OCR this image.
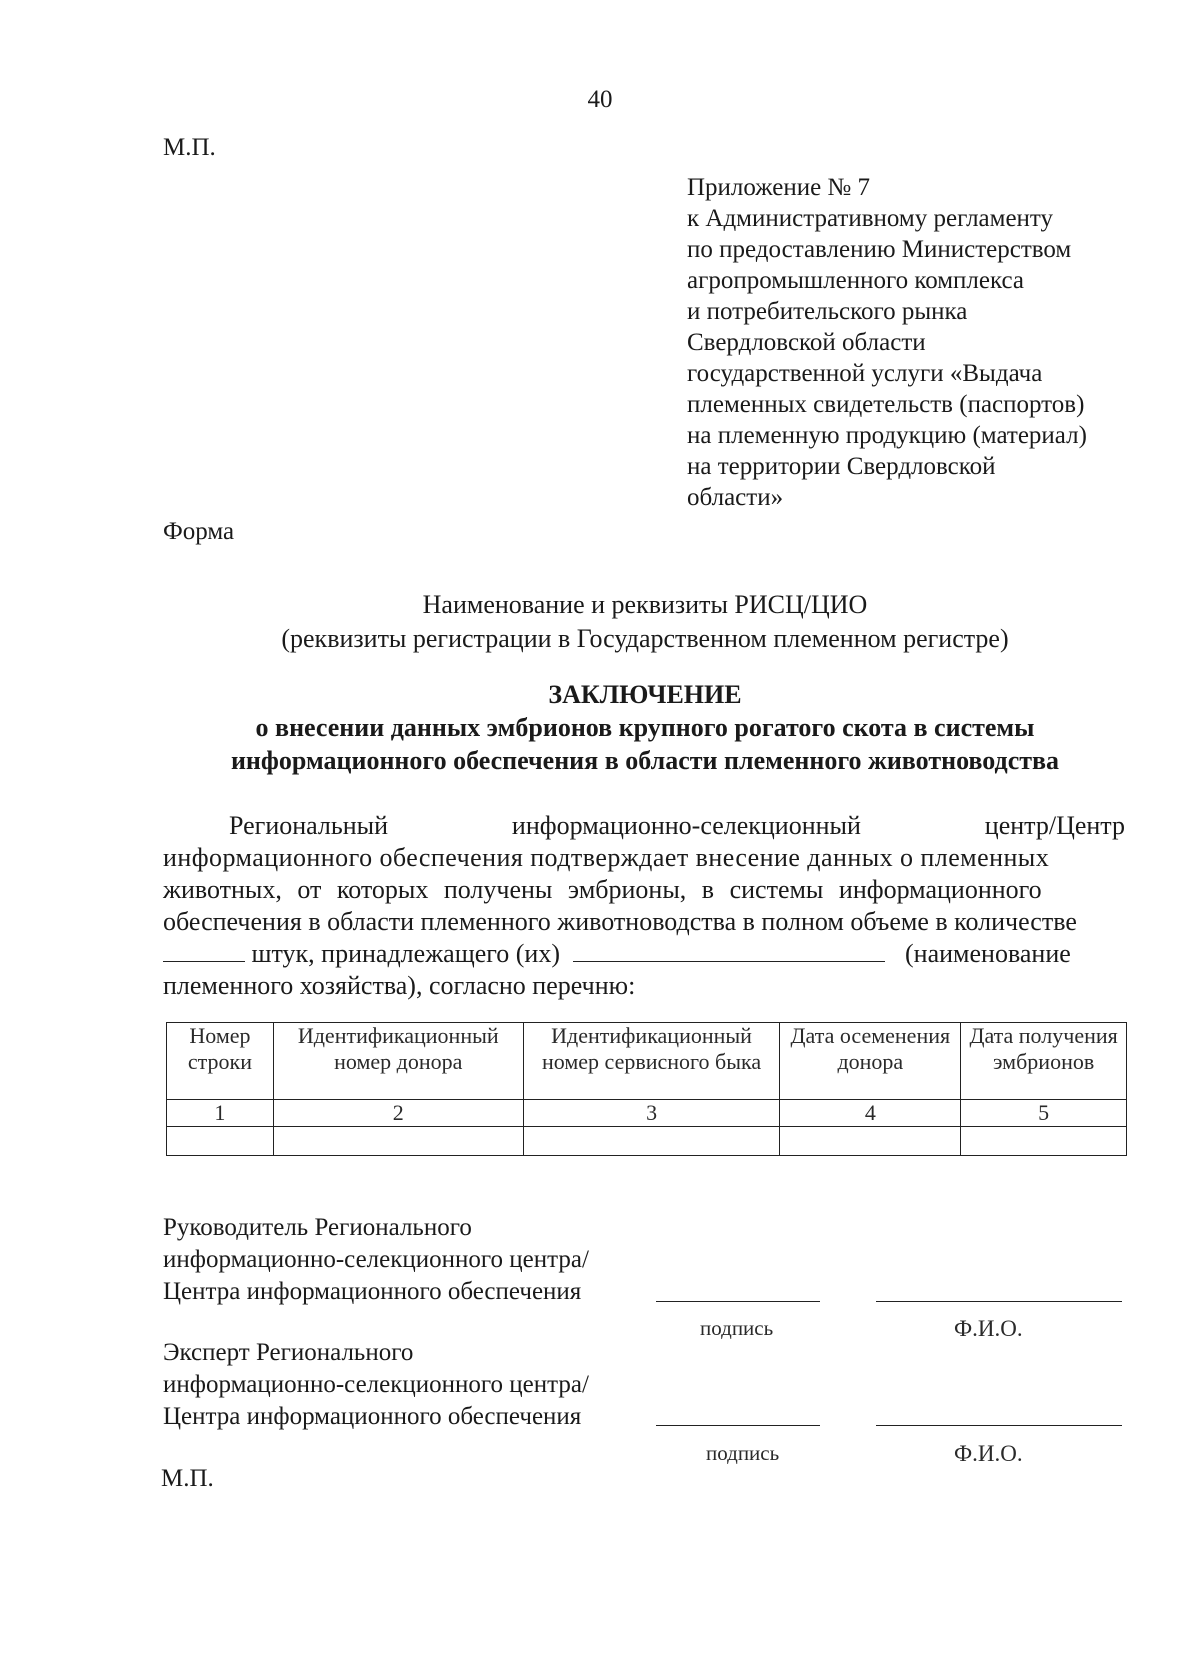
40
М.П.
Приложение № 7
к Административному регламенту
по предоставлению Министерством
агропромышленного комплекса
и потребительского рынка
Свердловской области
государственной услуги «Выдача
племенных свидетельств (паспортов)
на племенную продукцию (материал)
на территории Свердловской
области»
Форма
Наименование и реквизиты РИСЦ/ЦИО
(реквизиты регистрации в Государственном племенном регистре)
ЗАКЛЮЧЕНИЕ
о внесении данных эмбрионов крупного рогатого скота в системы
информационного обеспечения в области племенного животноводства
Региональный	информационно-селекционный	центр/Центр
информационного обеспечения подтверждает внесение данных о племенных
животных, от которых получены эмбрионы, в системы информационного
обеспечения в области племенного животноводства в полном объеме в количестве
штук, принадлежащего (их)	(наименование
племенного хозяйства), согласно перечню:
Номер строки	Идентификационный номер донора	Идентификационный номер сервисного быка	Дата осеменения донора	Дата получения эмбрионов
1	2	3	4	5

Руководитель Регионального
информационно-селекционного центра/
Центра информационного обеспечения
подпись	Ф.И.О.
Эксперт Регионального
информационно-селекционного центра/
Центра информационного обеспечения
подпись	Ф.И.О.
М.П.
